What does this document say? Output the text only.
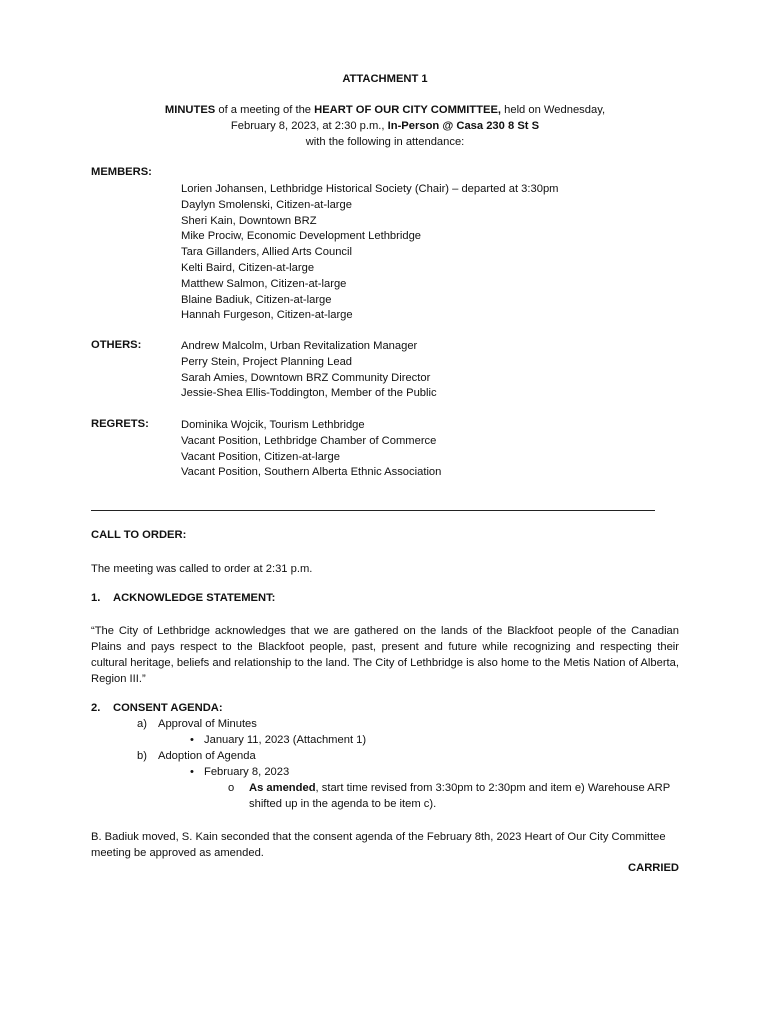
ATTACHMENT 1
MINUTES of a meeting of the HEART OF OUR CITY COMMITTEE, held on Wednesday,
February 8, 2023, at 2:30 p.m., In-Person @ Casa 230 8 St S
with the following in attendance:
MEMBERS:
Lorien Johansen, Lethbridge Historical Society (Chair) – departed at 3:30pm
Daylyn Smolenski, Citizen-at-large
Sheri Kain, Downtown BRZ
Mike Prociw, Economic Development Lethbridge
Tara Gillanders, Allied Arts Council
Kelti Baird, Citizen-at-large
Matthew Salmon, Citizen-at-large
Blaine Badiuk, Citizen-at-large
Hannah Furgeson, Citizen-at-large
OTHERS:	Andrew Malcolm, Urban Revitalization Manager
Perry Stein, Project Planning Lead
Sarah Amies, Downtown BRZ Community Director
Jessie-Shea Ellis-Toddington, Member of the Public
REGRETS:	Dominika Wojcik, Tourism Lethbridge
Vacant Position, Lethbridge Chamber of Commerce
Vacant Position, Citizen-at-large
Vacant Position, Southern Alberta Ethnic Association
CALL TO ORDER:
The meeting was called to order at 2:31 p.m.
1. ACKNOWLEDGE STATEMENT:
“The City of Lethbridge acknowledges that we are gathered on the lands of the Blackfoot people of the Canadian Plains and pays respect to the Blackfoot people, past, present and future while recognizing and respecting their cultural heritage, beliefs and relationship to the land. The City of Lethbridge is also home to the Metis Nation of Alberta, Region III.”
2. CONSENT AGENDA:
a) Approval of Minutes
• January 11, 2023 (Attachment 1)
b) Adoption of Agenda
• February 8, 2023
o As amended, start time revised from 3:30pm to 2:30pm and item e) Warehouse ARP
shifted up in the agenda to be item c).
B. Badiuk moved, S. Kain seconded that the consent agenda of the February 8th, 2023 Heart of Our City Committee meeting be approved as amended.
CARRIED
